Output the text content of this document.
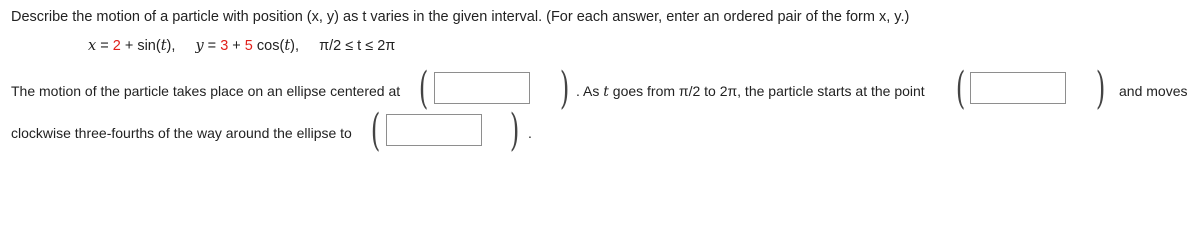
Describe the motion of a particle with position (x, y) as t varies in the given interval. (For each answer, enter an ordered pair of the form x, y.)
x = 2 + sin(t), y = 3 + 5 cos(t), π/2 ≤ t ≤ 2π
The motion of the particle takes place on an ellipse centered at (	) . As t goes from π/2 to 2π, the particle starts at the point (	) and moves
clockwise three-fourths of the way around the ellipse to (	) .
